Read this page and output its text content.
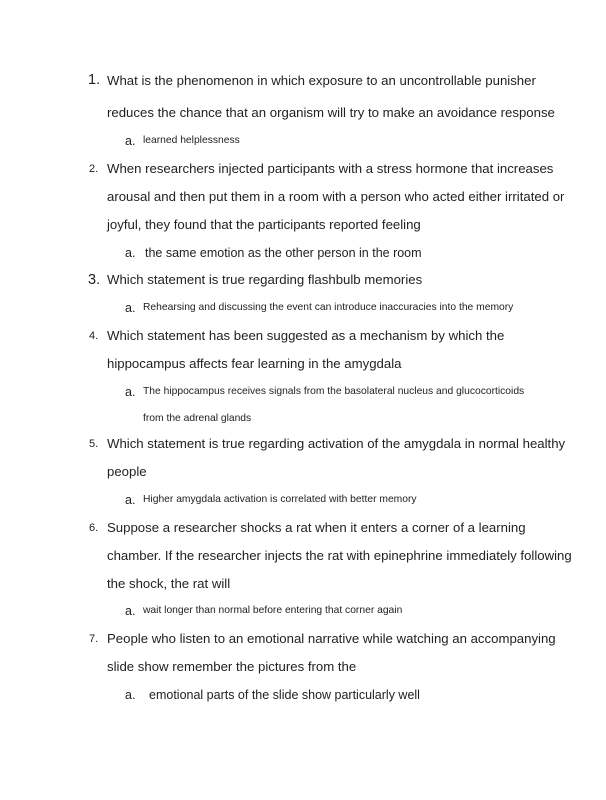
1. What is the phenomenon in which exposure to an uncontrollable punisher
reduces the chance that an organism will try to make an avoidance response
a. learned helplessness
2. When researchers injected participants with a stress hormone that increases
arousal and then put them in a room with a person who acted either irritated or
joyful, they found that the participants reported feeling
a. the same emotion as the other person in the room
3. Which statement is true regarding flashbulb memories
a. Rehearsing and discussing the event can introduce inaccuracies into the memory
4. Which statement has been suggested as a mechanism by which the
hippocampus affects fear learning in the amygdala
a. The hippocampus receives signals from the basolateral nucleus and glucocorticoids
from the adrenal glands
5. Which statement is true regarding activation of the amygdala in normal healthy
people
a. Higher amygdala activation is correlated with better memory
6. Suppose a researcher shocks a rat when it enters a corner of a learning
chamber. If the researcher injects the rat with epinephrine immediately following
the shock, the rat will
a. wait longer than normal before entering that corner again
7. People who listen to an emotional narrative while watching an accompanying
slide show remember the pictures from the
a. emotional parts of the slide show particularly well
